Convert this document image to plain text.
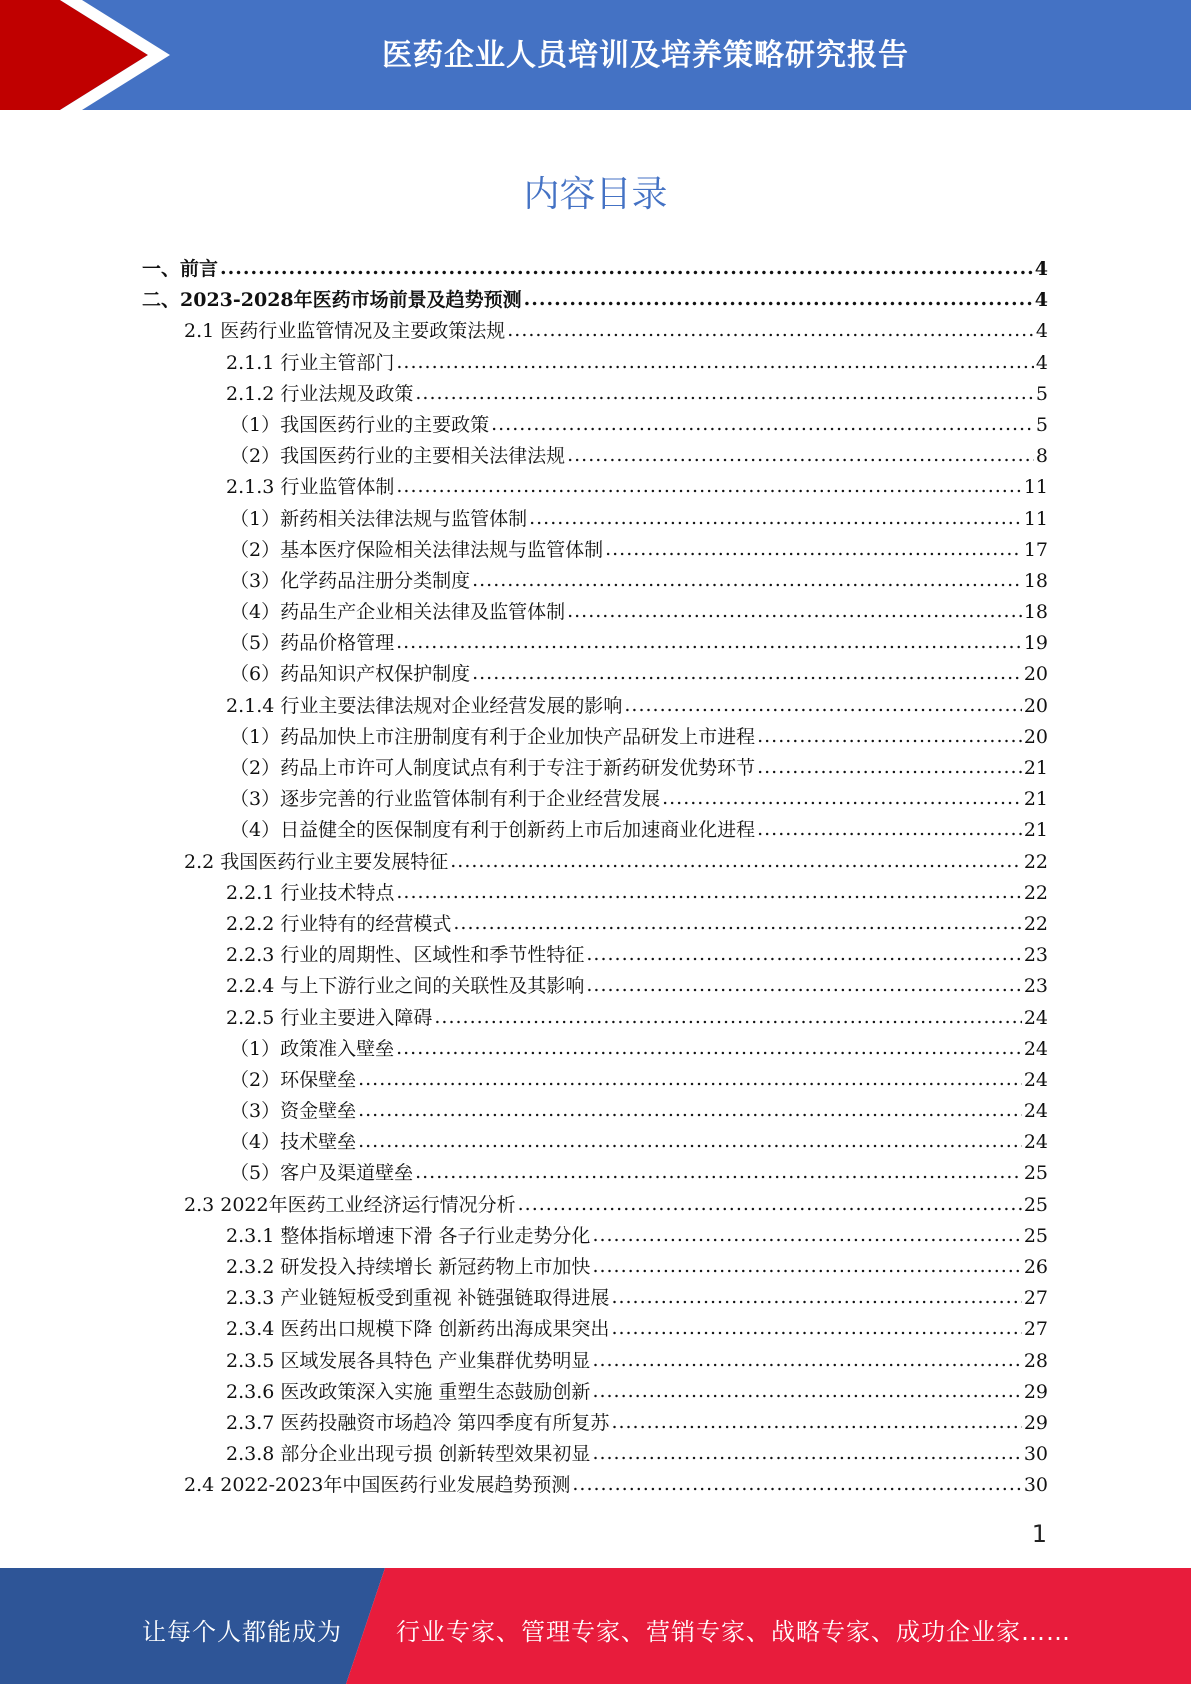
医药企业人员培训及培养策略研究报告
内容目录
一、前言 .....	4
二、2023-2028年医药市场前景及趋势预测 .....	4
2.1 医药行业监管情况及主要政策法规 .....	4
2.1.1 行业主管部门 .....	4
2.1.2 行业法规及政策 .....	5
（1）我国医药行业的主要政策 .....	5
（2）我国医药行业的主要相关法律法规 .....	8
2.1.3 行业监管体制 .....	11
（1）新药相关法律法规与监管体制 .....	11
（2）基本医疗保险相关法律法规与监管体制 .....	17
（3）化学药品注册分类制度 .....	18
（4）药品生产企业相关法律及监管体制 .....	18
（5）药品价格管理 .....	19
（6）药品知识产权保护制度 .....	20
2.1.4 行业主要法律法规对企业经营发展的影响 .....	20
（1）药品加快上市注册制度有利于企业加快产品研发上市进程 .....	20
（2）药品上市许可人制度试点有利于专注于新药研发优势环节 .....	21
（3）逐步完善的行业监管体制有利于企业经营发展 .....	21
（4）日益健全的医保制度有利于创新药上市后加速商业化进程 .....	21
2.2 我国医药行业主要发展特征 .....	22
2.2.1 行业技术特点 .....	22
2.2.2 行业特有的经营模式 .....	22
2.2.3 行业的周期性、区域性和季节性特征 .....	23
2.2.4 与上下游行业之间的关联性及其影响 .....	23
2.2.5 行业主要进入障碍 .....	24
（1）政策准入壁垒 .....	24
（2）环保壁垒 .....	24
（3）资金壁垒 .....	24
（4）技术壁垒 .....	24
（5）客户及渠道壁垒 .....	25
2.3 2022年医药工业经济运行情况分析 .....	25
2.3.1 整体指标增速下滑 各子行业走势分化 .....	25
2.3.2 研发投入持续增长 新冠药物上市加快 .....	26
2.3.3 产业链短板受到重视 补链强链取得进展 .....	27
2.3.4 医药出口规模下降 创新药出海成果突出 .....	27
2.3.5 区域发展各具特色 产业集群优势明显 .....	28
2.3.6 医改政策深入实施 重塑生态鼓励创新 .....	29
2.3.7 医药投融资市场趋冷 第四季度有所复苏 .....	29
2.3.8 部分企业出现亏损 创新转型效果初显 .....	30
2.4 2022-2023年中国医药行业发展趋势预测 .....	30
1
让每个人都能成为 行业专家、管理专家、营销专家、战略专家、成功企业家……
